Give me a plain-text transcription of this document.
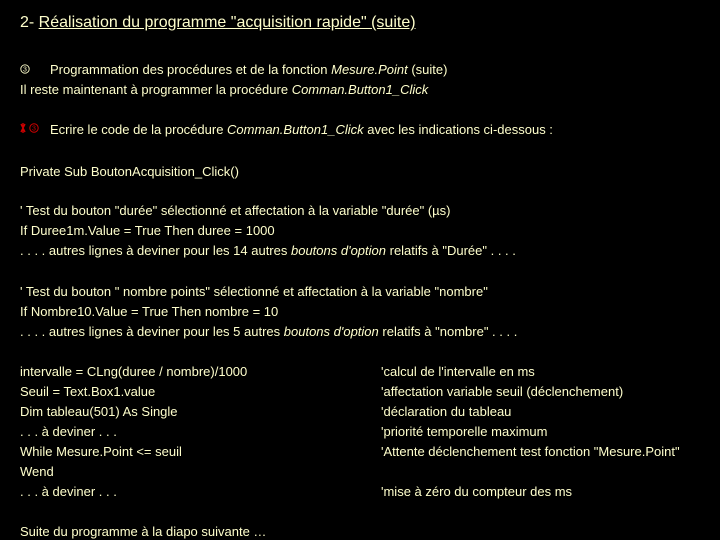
2- Réalisation du programme "acquisition rapide" (suite)
3 Programmation des procédures et de la fonction Mesure.Point (suite)
Il reste maintenant à programmer la procédure Comman.Button1_Click
3 Ecrire le code de la procédure Comman.Button1_Click avec les indications ci-dessous :
Private Sub BoutonAcquisition_Click()
' Test du bouton "durée" sélectionné et affectation à la variable "durée" (µs)
If Duree1m.Value = True Then duree = 1000
. . . . autres lignes à deviner pour les 14 autres boutons d'option relatifs à "Durée" . . . .
' Test du bouton " nombre points" sélectionné et affectation à la variable "nombre"
If Nombre10.Value = True Then nombre = 10
. . . . autres lignes à deviner pour les 5 autres boutons d'option relatifs à "nombre" . . . .
intervalle = CLng(duree / nombre)/1000
Seuil = Text.Box1.value
Dim tableau(501) As Single
. . . à deviner . . .
While Mesure.Point <= seuil
Wend
. . . à deviner . . .
'calcul de l'intervalle en ms
'affectation variable seuil (déclenchement)
'déclaration du tableau
'priorité temporelle maximum
'Attente déclenchement test fonction "Mesure.Point"
'mise à zéro du compteur des ms
Suite du programme à la diapo suivante …
